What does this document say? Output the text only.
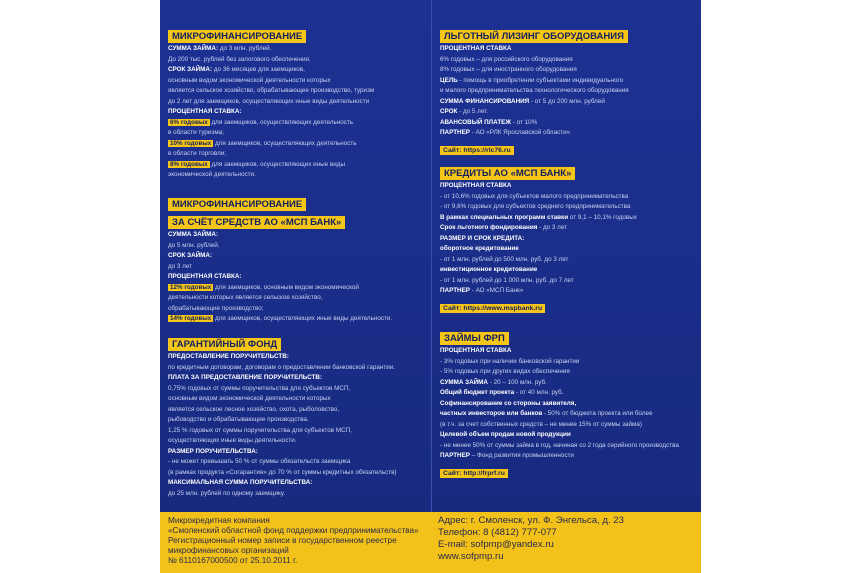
МИКРОФИНАНСИРОВАНИЕ
СУММА ЗАЙМА: до 3 млн. рублей.
До 200 тыс. рублей без залогового обеспечения.
СРОК ЗАЙМА: до 36 месяцев для заемщиков,
основным видом экономической деятельности которых
является сельское хозяйство, обрабатывающее производство, туризм
до 2 лет для заемщиков, осуществляющих иные виды деятельности
ПРОЦЕНТНАЯ СТАВКА:
6% годовых для заемщиков, осуществляющих деятельность
в области туризма;
10% годовых для заемщиков, осуществляющих деятельность
в области торговли;
8% годовых для заемщиков, осуществляющих иные виды
экономической деятельности.
МИКРОФИНАНСИРОВАНИЕ
ЗА СЧЁТ СРЕДСТВ АО «МСП БАНК»
СУММА ЗАЙМА:
до 5 млн. рублей.
СРОК ЗАЙМА:
до 3 лет
ПРОЦЕНТНАЯ СТАВКА:
12% годовых для заемщиков, основным видом экономической
деятельности которых является сельское хозяйство,
обрабатывающие производство;
14% годовых для заемщиков, осуществляющих иные виды деятельности.
ГАРАНТИЙНЫЙ ФОНД
ПРЕДОСТАВЛЕНИЕ ПОРУЧИТЕЛЬСТВ:
по кредитным договорам, договорам о предоставлении банковской гарантии.
ПЛАТА ЗА ПРЕДОСТАВЛЕНИЕ ПОРУЧИТЕЛЬСТВ:
0,75% годовых от суммы поручительства для субъектов МСП,
основным видом экономической деятельности которых
является сельское лесное хозяйство, охота, рыболовство,
рыбоводство и обрабатывающие производства.
1,25 % годовых от суммы поручительства для субъектов МСП,
осуществляющих иные виды деятельности.
РАЗМЕР ПОРУЧИТЕЛЬСТВА:
- не может превышать 50 % от суммы обязательств заемщика
(в рамках продукта «Согарантия» до 70 % от суммы кредитных обязательств)
МАКСИМАЛЬНАЯ СУММА ПОРУЧИТЕЛЬСТВА:
до 25 млн. рублей по одному заемщику.
ЛЬГОТНЫЙ ЛИЗИНГ ОБОРУДОВАНИЯ
ПРОЦЕНТНАЯ СТАВКА
6% годовых – для российского оборудования
8% годовых – для иностранного оборудования
ЦЕЛЬ - помощь в приобретении субъектами индивидуального
и малого предпринимательства технологического оборудования
СУММА ФИНАНСИРОВАНИЯ - от 5 до 200 млн. рублей
СРОК - до 5 лет.
АВАНСОВЫЙ ПЛАТЕЖ - от 10%
ПАРТНЕР - АО «РЛК Ярославской области»
Сайт: https://rlc76.ru
КРЕДИТЫ АО «МСП БАНК»
ПРОЦЕНТНАЯ СТАВКА
- от 10,6% годовых для субъектов малого предпринимательства
- от 9,6% годовых для субъектов среднего предпринимательства
В рамках специальных программ ставки от 9,1 – 10,1% годовых
Срок льготного фондирования - до 3 лет
РАЗМЕР И СРОК КРЕДИТА:
оборотное кредитование
- от 1 млн. рублей до 500 млн. руб. до 3 лет
инвестиционное кредитование
- от 1 млн. рублей до 1 000 млн. руб. до 7 лет
ПАРТНЕР - АО «МСП Банк»
Сайт: https://www.mspbank.ru
ЗАЙМЫ ФРП
ПРОЦЕНТНАЯ СТАВКА
- 3% годовых при наличии банковской гарантии
- 5% годовых при других видах обеспечения
СУММА ЗАЙМА - 20 – 100 млн. руб.
Общий бюджет проекта - от 40 млн. руб.
Софинансирование со стороны заявителя,
частных инвесторов или банков - 50% от бюджета проекта или более
(в т.ч. за счет собственных средств – не менее 15% от суммы займа)
Целевой объем продаж новой продукции
- не менее 50% от суммы займа в год, начиная со 2 года серийного производства
ПАРТНЕР – Фонд развития промышленности
Сайт: http://frprf.ru
Микрокредитная компания
«Смоленский областной фонд поддержки предпринимательства»
Регистрационный номер записи в государственном реестре
микрофинансовых организаций
№ 6110167000500 от 25.10.2011 г.
Адрес: г. Смоленск, ул. Ф. Энгельса, д. 23
Телефон: 8 (4812) 777-077
E-mail: sofpmp@yandex.ru
www.sofpmp.ru
